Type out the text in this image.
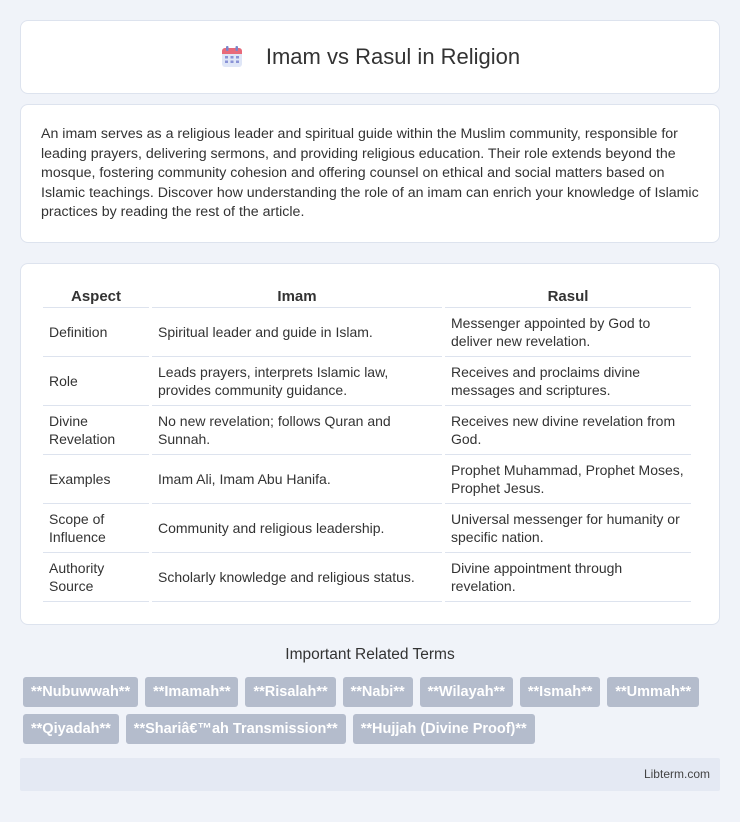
Imam vs Rasul in Religion

An imam serves as a religious leader and spiritual guide within the Muslim community, responsible for leading prayers, delivering sermons, and providing religious education. Their role extends beyond the mosque, fostering community cohesion and offering counsel on ethical and social matters based on Islamic teachings. Discover how understanding the role of an imam can enrich your knowledge of Islamic practices by reading the rest of the article.

Aspect	Imam	Rasul
Definition	Spiritual leader and guide in Islam.	Messenger appointed by God to deliver new revelation.
Role	Leads prayers, interprets Islamic law, provides community guidance.	Receives and proclaims divine messages and scriptures.
Divine Revelation	No new revelation; follows Quran and Sunnah.	Receives new divine revelation from God.
Examples	Imam Ali, Imam Abu Hanifa.	Prophet Muhammad, Prophet Moses, Prophet Jesus.
Scope of Influence	Community and religious leadership.	Universal messenger for humanity or specific nation.
Authority Source	Scholarly knowledge and religious status.	Divine appointment through revelation.
Important Related Terms
**Nubuwwah**	**Imamah**	**Risalah**	**Nabi**	**Wilayah**	**Ismah**	**Ummah**
**Qiyadah**	**Shariâ€™ah Transmission**	**Hujjah (Divine Proof)**
Libterm.com
